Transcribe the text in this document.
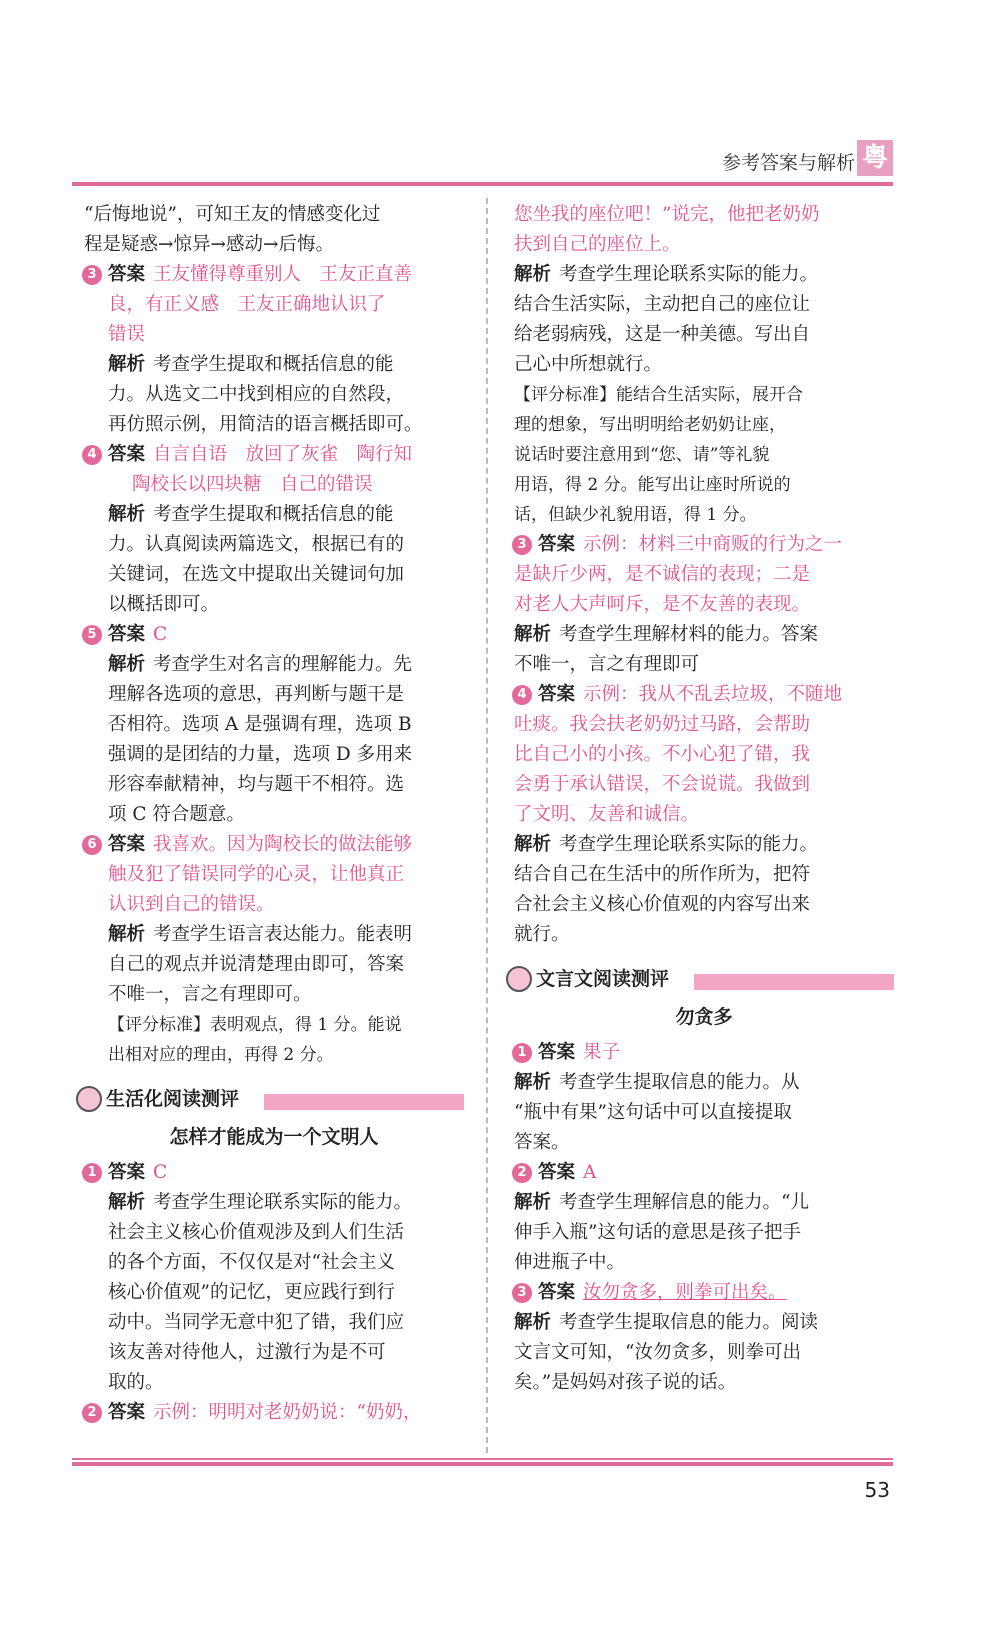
参考答案与解析 粤

“后悔地说”，可知王友的情感变化过

程是疑惑→惊异→感动→后悔。

3 答案 王友懂得尊重别人　王友正直善

良，有正义感　王友正确地认识了

错误

解析 考查学生提取和概括信息的能

力。从选文二中找到相应的自然段，

再仿照示例，用简洁的语言概括即可。

4 答案 自言自语　放回了灰雀　陶行知

陶校长以四块糖　自己的错误

解析 考查学生提取和概括信息的能

力。认真阅读两篇选文，根据已有的

关键词，在选文中提取出关键词句加

以概括即可。

5 答案 C

解析 考查学生对名言的理解能力。先

理解各选项的意思，再判断与题干是

否相符。选项 A 是强调有理，选项 B

强调的是团结的力量，选项 D 多用来

形容奉献精神，均与题干不相符。选

项 C 符合题意。

6 答案 我喜欢。因为陶校长的做法能够

触及犯了错误同学的心灵，让他真正

认识到自己的错误。

解析 考查学生语言表达能力。能表明

自己的观点并说清楚理由即可，答案

不唯一，言之有理即可。

【评分标准】表明观点，得 1 分。能说

出相对应的理由，再得 2 分。

生活化阅读测评
怎样才能成为一个文明人
1 答案 C

解析 考查学生理论联系实际的能力。

社会主义核心价值观涉及到人们生活

的各个方面，不仅仅是对“社会主义

核心价值观”的记忆，更应践行到行

动中。当同学无意中犯了错，我们应

该友善对待他人，过激行为是不可

取的。

2 答案 示例：明明对老奶奶说：“奶奶，

您坐我的座位吧！”说完，他把老奶奶

扶到自己的座位上。

解析 考查学生理论联系实际的能力。

结合生活实际，主动把自己的座位让

给老弱病残，这是一种美德。写出自

己心中所想就行。

【评分标准】能结合生活实际，展开合

理的想象，写出明明给老奶奶让座，

说话时要注意用到“您、请”等礼貌

用语，得 2 分。能写出让座时所说的

话，但缺少礼貌用语，得 1 分。

3 答案 示例：材料三中商贩的行为之一

是缺斤少两，是不诚信的表现；二是

对老人大声呵斥，是不友善的表现。

解析 考查学生理解材料的能力。答案

不唯一，言之有理即可

4 答案 示例：我从不乱丢垃圾，不随地

吐痰。我会扶老奶奶过马路，会帮助

比自己小的小孩。不小心犯了错，我

会勇于承认错误，不会说谎。我做到

了文明、友善和诚信。

解析 考查学生理论联系实际的能力。

结合自己在生活中的所作所为，把符

合社会主义核心价值观的内容写出来

就行。

文言文阅读测评
勿贪多
1 答案 果子

解析 考查学生提取信息的能力。从

“瓶中有果”这句话中可以直接提取

答案。

2 答案 A

解析 考查学生理解信息的能力。“儿

伸手入瓶”这句话的意思是孩子把手

伸进瓶子中。

3 答案 汝勿贪多，则拳可出矣。

解析 考查学生提取信息的能力。阅读

文言文可知，“汝勿贪多，则拳可出

矣。”是妈妈对孩子说的话。

53
